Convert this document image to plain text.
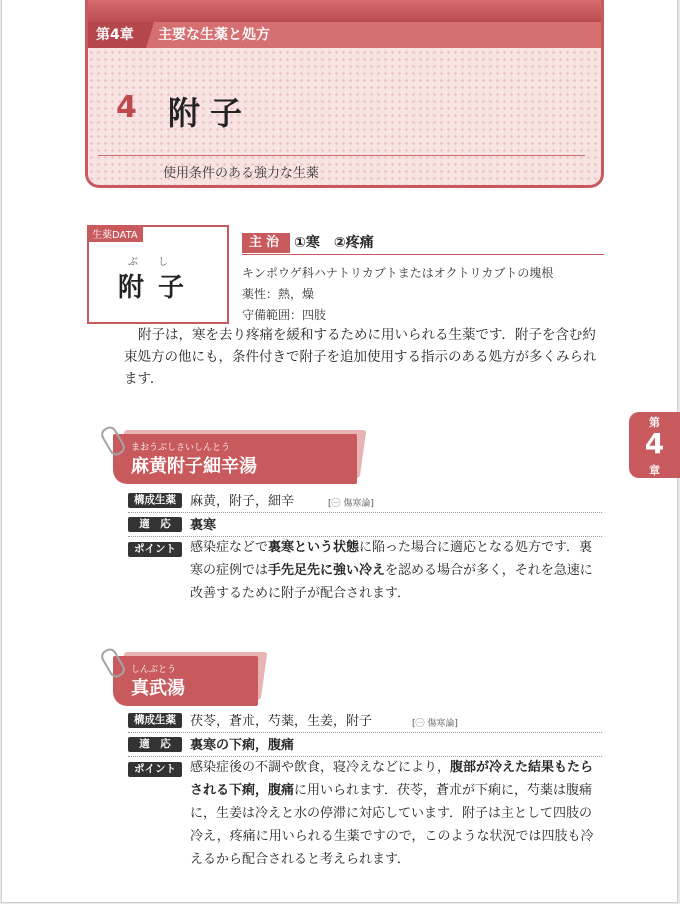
第4章	主要な生薬と処方
4 附子
使用条件のある強力な生薬
生薬DATA
ぶし
附子
主治 ①寒　②疼痛
キンポウゲ科ハナトリカブトまたはオクトリカブトの塊根
薬性：熱，燥
守備範囲：四肢
附子は，寒を去り疼痛を緩和するために用いられる生薬です．附子を含む約束処方の他にも，条件付きで附子を追加使用する指示のある処方が多くみられます．
第
4
章
まおうぶしさいしんとう
麻黄附子細辛湯
構成生薬	麻黄，附子，細辛	[㊀ 傷寒論]
適　応	裏寒
ポイント	感染症などで裏寒という状態に陥った場合に適応となる処方です．裏寒の症例では手先足先に強い冷えを認める場合が多く，それを急速に改善するために附子が配合されます．
しんぶとう
真武湯
構成生薬	茯苓，蒼朮，芍薬，生姜，附子	[㊀ 傷寒論]
適　応	裏寒の下痢，腹痛
ポイント	感染症後の不調や飲食，寝冷えなどにより，腹部が冷えた結果もたらされる下痢，腹痛に用いられます．茯苓，蒼朮が下痢に，芍薬は腹痛に，生姜は冷えと水の停滞に対応しています．附子は主として四肢の冷え，疼痛に用いられる生薬ですので，このような状況では四肢も冷えるから配合されると考えられます．
